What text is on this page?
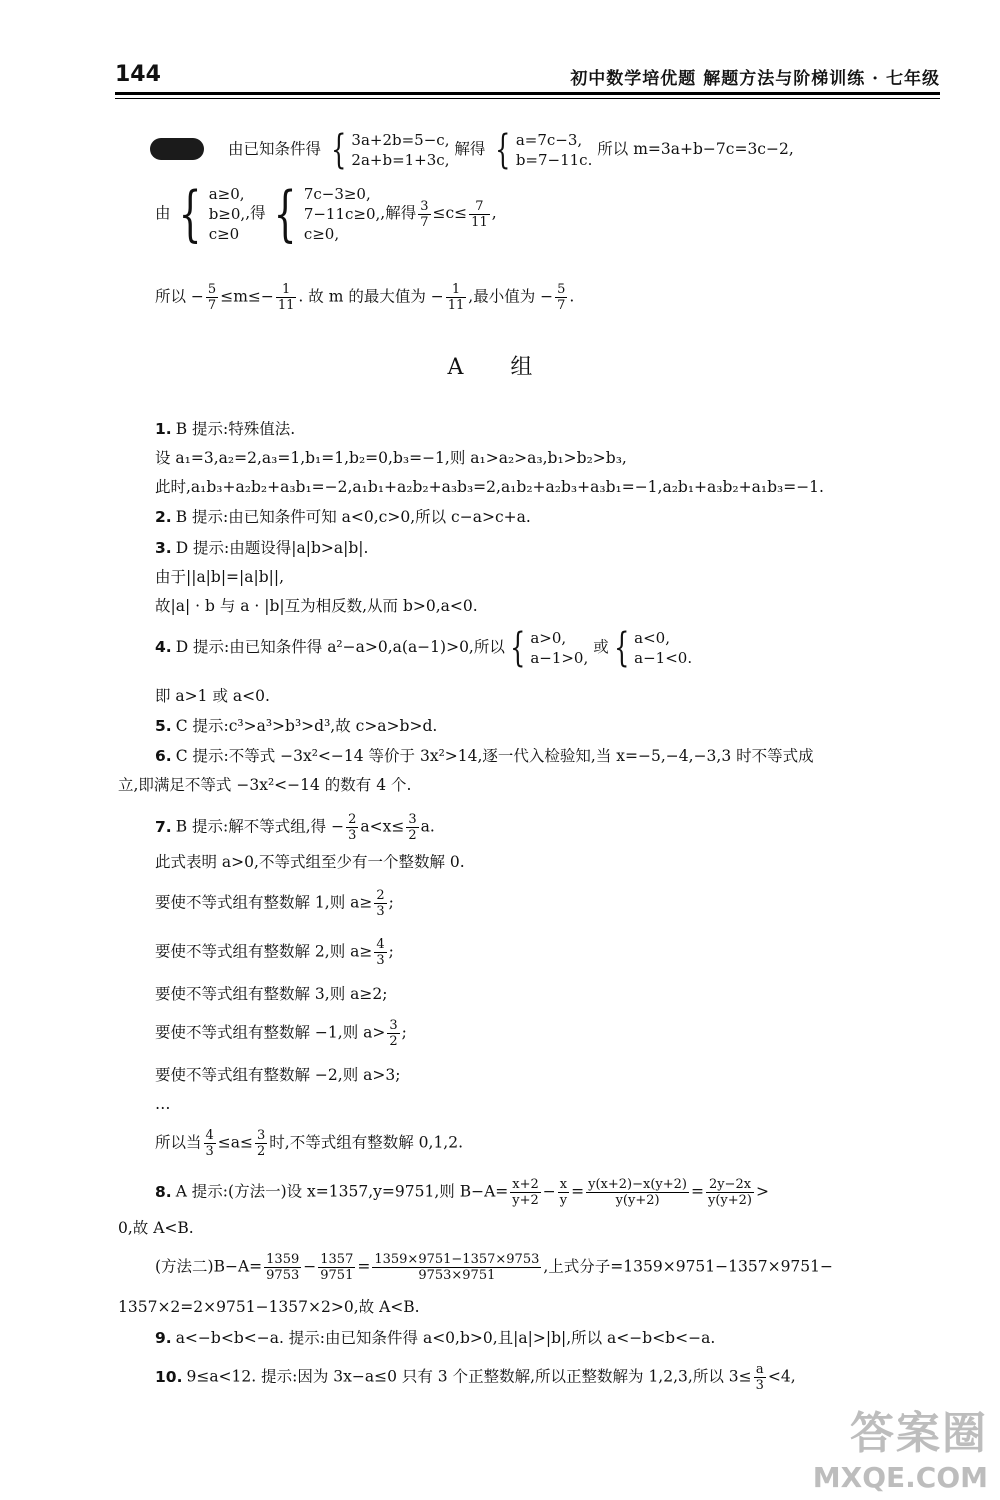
144	初中数学培优题 解题方法与阶梯训练 · 七年级
由已知条件得 { 3a+2b=5−c,
2a+b=1+3c, 解得 { a=7c−3,
b=7−11c. 所以 m=3a+b−7c=3c−2,
由 { a≥0,
b≥0,
c≥0,得 { 7c−3≥0,
7−11c≥0,
c≥0,,解得 $\frac{3}{7} \le c\le \frac{7}{11}$ ,
所以 − $\frac{5}{7} \le m\le- \frac{1}{11}$ . 故 m 的最大值为 − $\frac{1}{11}$ ,最小值为 − $\frac{5}{7}$ .
A 组
1. B 提示:特殊值法.
设 a₁=3,a₂=2,a₃=1,b₁=1,b₂=0,b₃=−1,则 a₁>a₂>a₃,b₁>b₂>b₃,
此时,a₁b₃+a₂b₂+a₃b₁=−2,a₁b₁+a₂b₂+a₃b₃=2,a₁b₂+a₂b₃+a₃b₁=−1,a₂b₁+a₃b₂+a₁b₃=−1.
2. B 提示:由已知条件可知 a<0,c>0,所以 c−a>c+a.
3. D 提示:由题设得|a|b>a|b|.
由于||a|b|=|a|b||,
故|a| · b 与 a · |b|互为相反数,从而 b>0,a<0.
4. D 提示:由已知条件得 a²−a>0,a(a−1)>0,所以 { a>0,
a−1>0, 或 { a<0,
a−1<0.
即 a>1 或 a<0.
5. C 提示:c³>a³>b³>d³,故 c>a>b>d.
6. C 提示:不等式 −3x²<−14 等价于 3x²>14,逐一代入检验知,当 x=−5,−4,−3,3 时不等式成
立,即满足不等式 −3x²<−14 的数有 4 个.
7. B 提示:解不等式组,得 − $\frac{2}{3} a<x\le \frac{3}{2} a$.
此式表明 a>0,不等式组至少有一个整数解 0.
要使不等式组有整数解 1,则 $a\ge \frac{2}{3}$ ;
要使不等式组有整数解 2,则 $a\ge \frac{4}{3}$ ;
要使不等式组有整数解 3,则 a≥2;
要使不等式组有整数解 −1,则 $a> \frac{3}{2}$ ;
要使不等式组有整数解 −2,则 a>3;
…
所以当 $\frac{4}{3} \le a\le \frac{3}{2}$ 时,不等式组有整数解 0,1,2.
8. A 提示:(方法一)设 x=1357,y=9751,则 $B-A= \frac{x+2}{y+2} - \frac{x}{y} = \frac{y(x+2)-x(y+2)}{y(y+2)} = \frac{2y-2x}{y(y+2)}$ >
0,故 A<B.
(方法二)$B-A= \frac{1359}{9753} - \frac{1357}{9751} = \frac{1359\times 9751-1357\times 9753}{9753\times 9751}$ ,上式分子=1359×9751−1357×9751−
1357×2=2×9751−1357×2>0,故 A<B.
9. a<−b<b<−a. 提示:由已知条件得 a<0,b>0,且|a|>|b|,所以 a<−b<b<−a.
10. 9≤a<12. 提示:因为 3x−a≤0 只有 3 个正整数解,所以正整数解为 1,2,3,所以 $3\le \frac{a}{3} <4$,
答案圈
MXQE.COM
